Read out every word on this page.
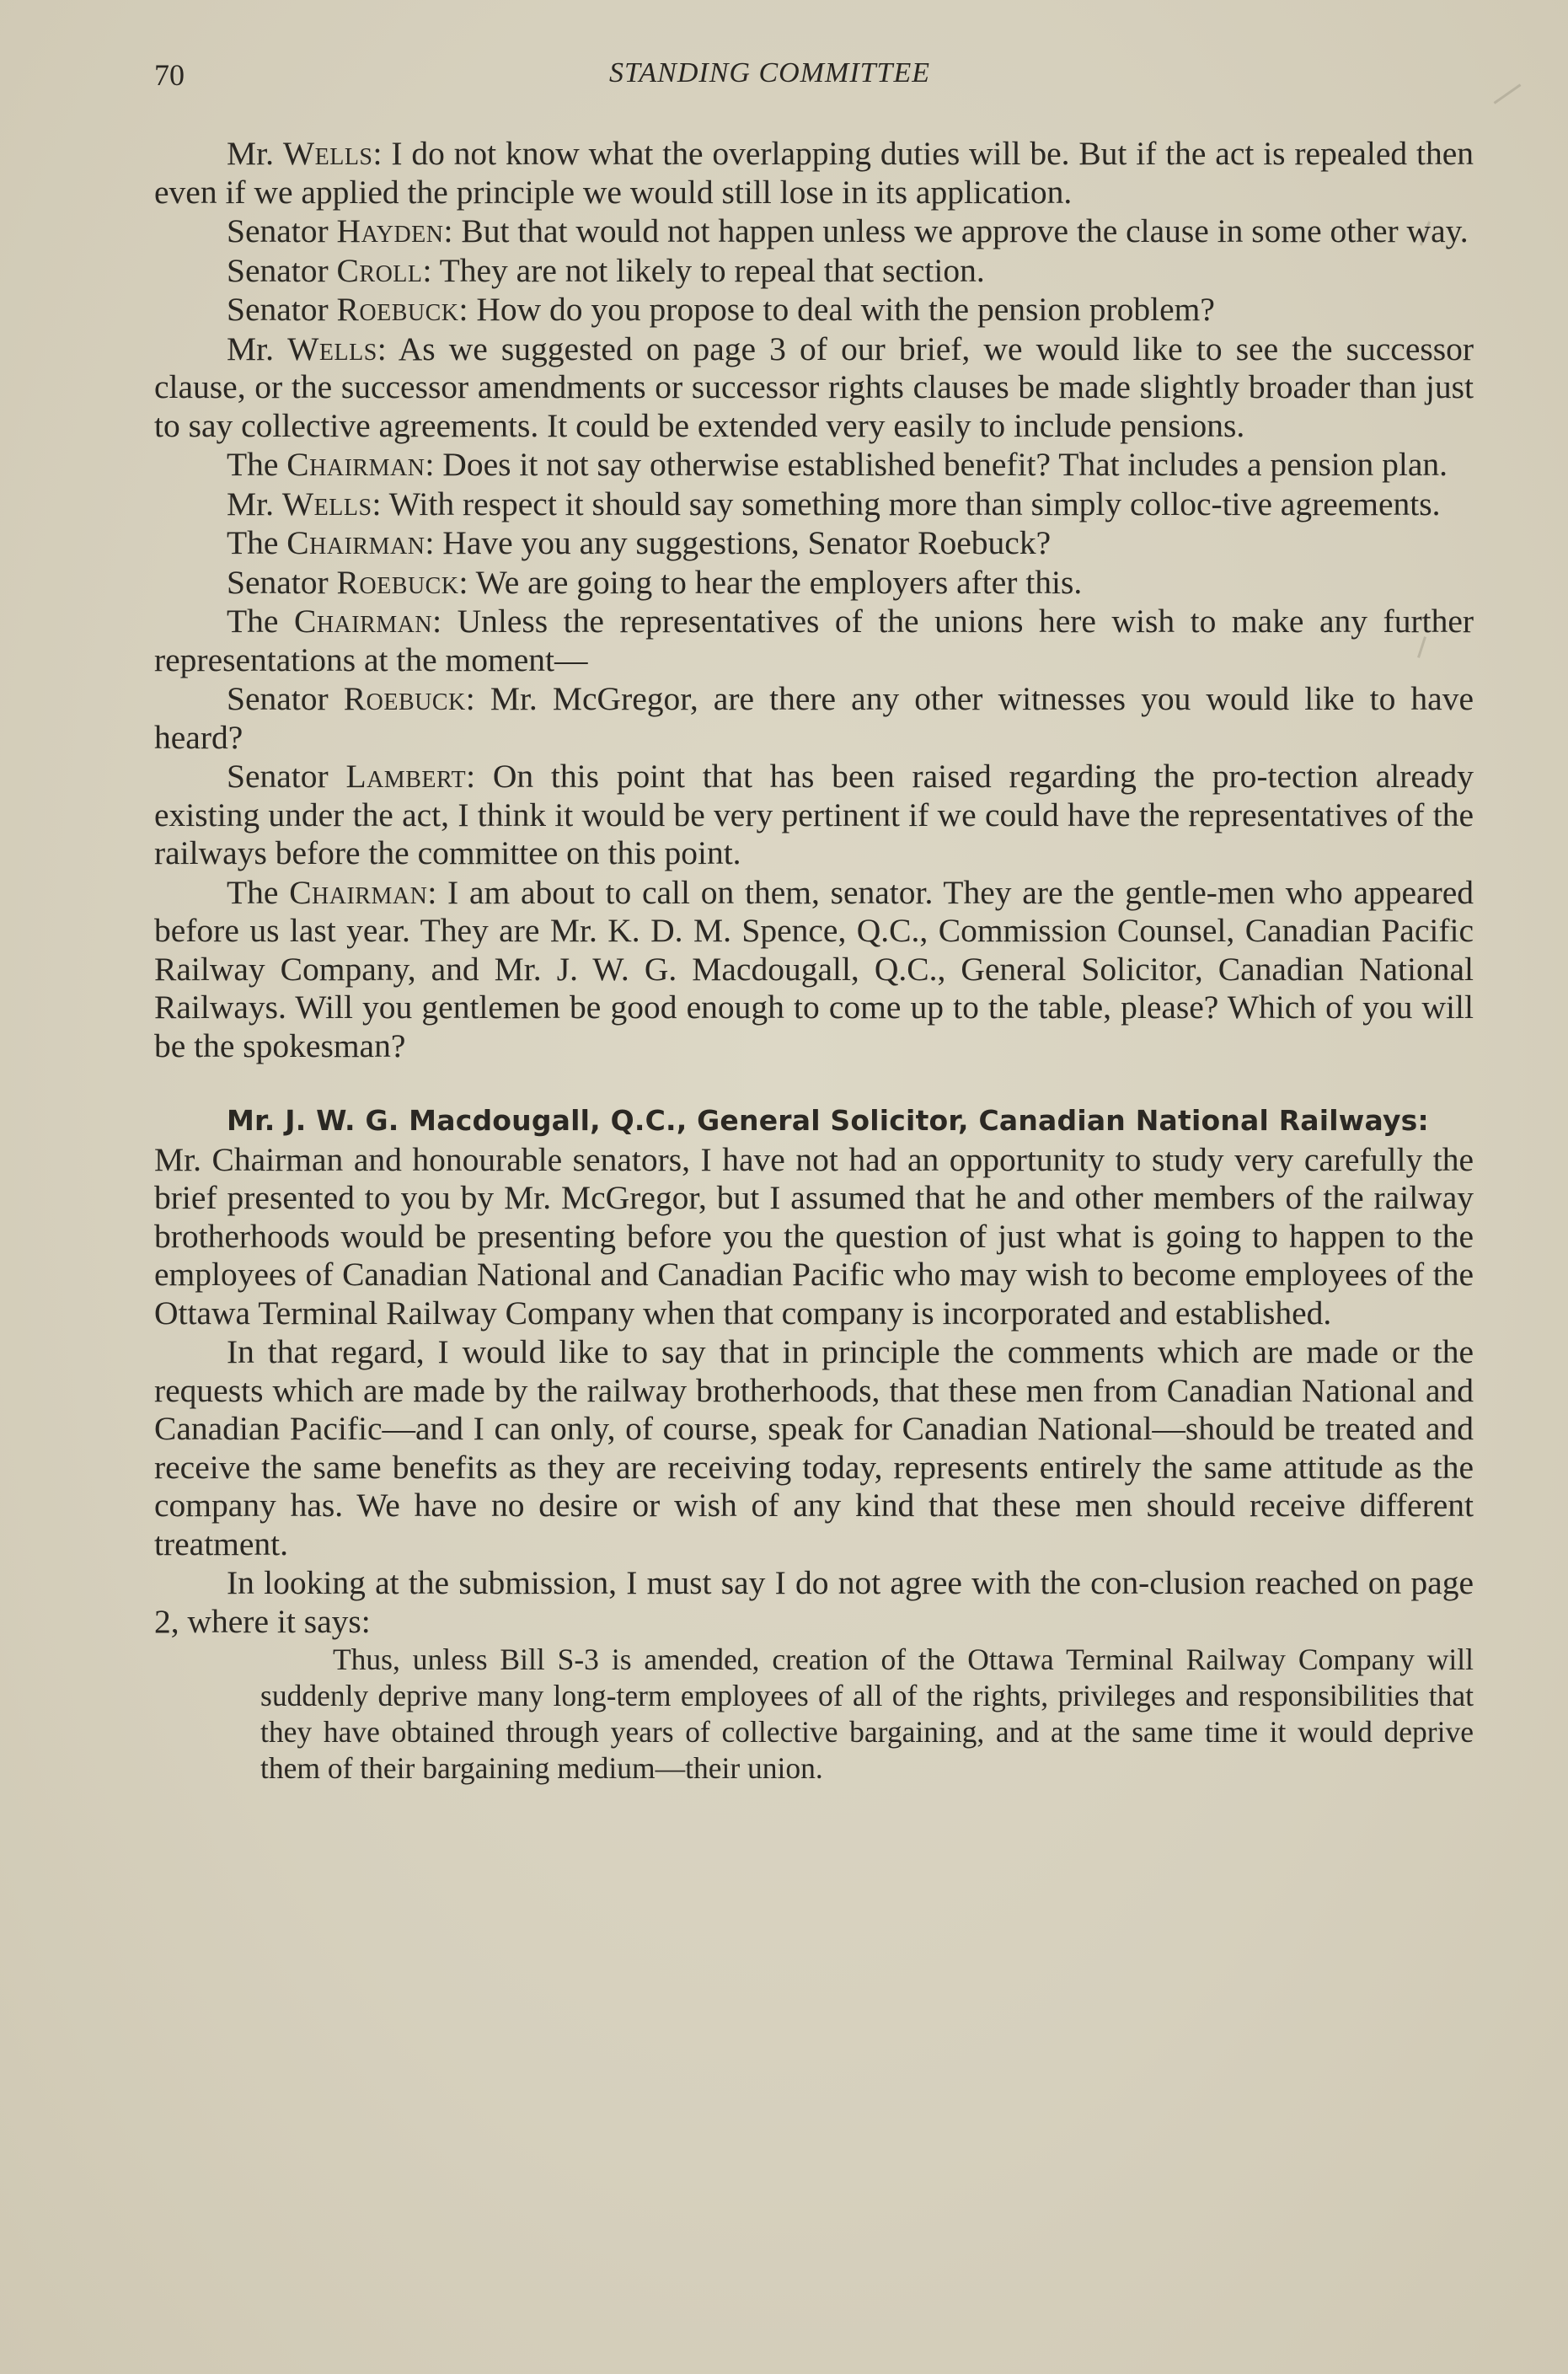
70	STANDING COMMITTEE

Mr. Wells: I do not know what the overlapping duties will be. But if the act is repealed then even if we applied the principle we would still lose in its application.

Senator Hayden: But that would not happen unless we approve the clause in some other way.

Senator Croll: They are not likely to repeal that section.

Senator Roebuck: How do you propose to deal with the pension problem?

Mr. Wells: As we suggested on page 3 of our brief, we would like to see the successor clause, or the successor amendments or successor rights clauses be made slightly broader than just to say collective agreements. It could be extended very easily to include pensions.

The Chairman: Does it not say otherwise established benefit? That includes a pension plan.

Mr. Wells: With respect it should say something more than simply colloc-tive agreements.

The Chairman: Have you any suggestions, Senator Roebuck?

Senator Roebuck: We are going to hear the employers after this.

The Chairman: Unless the representatives of the unions here wish to make any further representations at the moment—

Senator Roebuck: Mr. McGregor, are there any other witnesses you would like to have heard?

Senator Lambert: On this point that has been raised regarding the pro-tection already existing under the act, I think it would be very pertinent if we could have the representatives of the railways before the committee on this point.

The Chairman: I am about to call on them, senator. They are the gentle-men who appeared before us last year. They are Mr. K. D. M. Spence, Q.C., Commission Counsel, Canadian Pacific Railway Company, and Mr. J. W. G. Macdougall, Q.C., General Solicitor, Canadian National Railways. Will you gentlemen be good enough to come up to the table, please? Which of you will be the spokesman?

Mr. J. W. G. Macdougall, Q.C., General Solicitor, Canadian National Railways:

Mr. Chairman and honourable senators, I have not had an opportunity to study very carefully the brief presented to you by Mr. McGregor, but I assumed that he and other members of the railway brotherhoods would be presenting before you the question of just what is going to happen to the employees of Canadian National and Canadian Pacific who may wish to become employees of the Ottawa Terminal Railway Company when that company is incorporated and established.

In that regard, I would like to say that in principle the comments which are made or the requests which are made by the railway brotherhoods, that these men from Canadian National and Canadian Pacific—and I can only, of course, speak for Canadian National—should be treated and receive the same benefits as they are receiving today, represents entirely the same attitude as the company has. We have no desire or wish of any kind that these men should receive different treatment.

In looking at the submission, I must say I do not agree with the con-clusion reached on page 2, where it says:

Thus, unless Bill S-3 is amended, creation of the Ottawa Terminal Railway Company will suddenly deprive many long-term employees of all of the rights, privileges and responsibilities that they have obtained through years of collective bargaining, and at the same time it would deprive them of their bargaining medium—their union.
